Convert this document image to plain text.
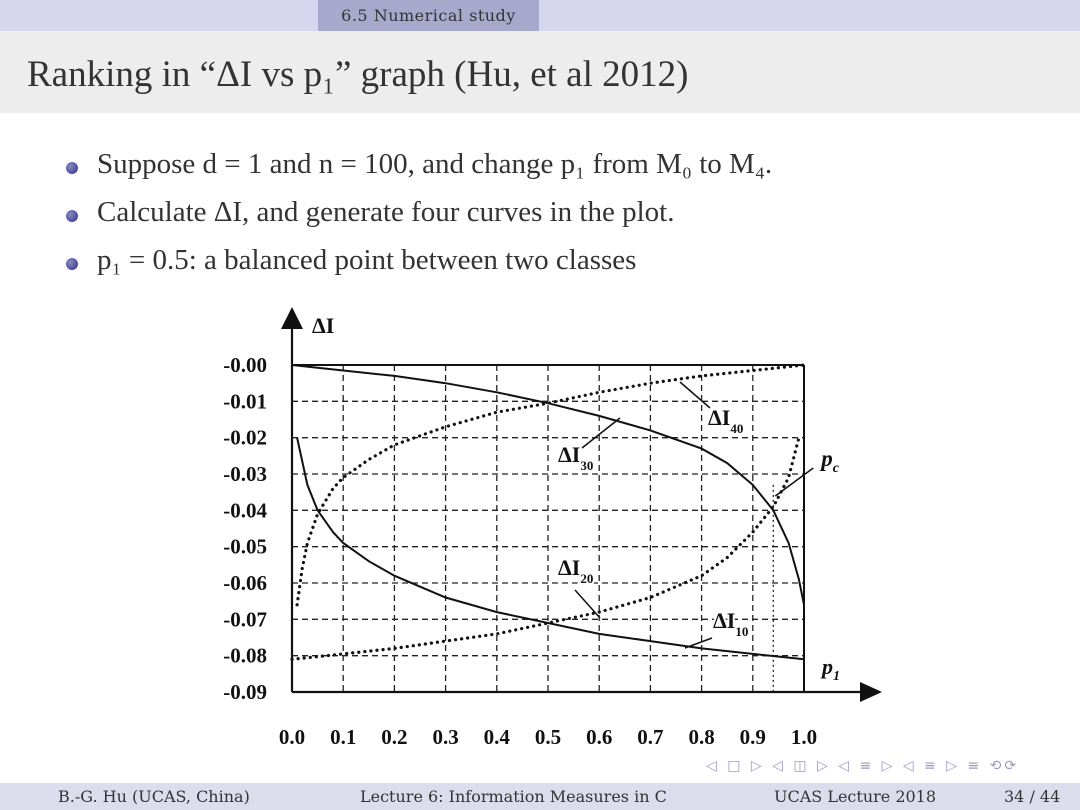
6.5 Numerical study
Ranking in “ΔI vs p₁” graph (Hu, et al 2012)
Suppose d = 1 and n = 100, and change p₁ from M₀ to M₄.
Calculate ΔI, and generate four curves in the plot.
p₁ = 0.5: a balanced point between two classes
ΔI
$p_1$
0.0 0.1 0.2 0.3 0.4 0.5 0.6 0.7 0.8 0.9 1.0
-0.00
-0.01
-0.02
-0.03
-0.04
-0.05
-0.06
-0.07
-0.08
-0.09
$\Delta I_{40}$
$\Delta I_{30}$
$\Delta I_{20}$
$\Delta I_{10}$
$p_c$
◁ □ ▷ ◁ ◫ ▷ ◁ ≡ ▷ ◁ ≡ ▷ ≡ ⟲⟳
B.-G. Hu (UCAS, China)	Lecture 6: Information Measures in C	UCAS Lecture 2018	34 / 44
